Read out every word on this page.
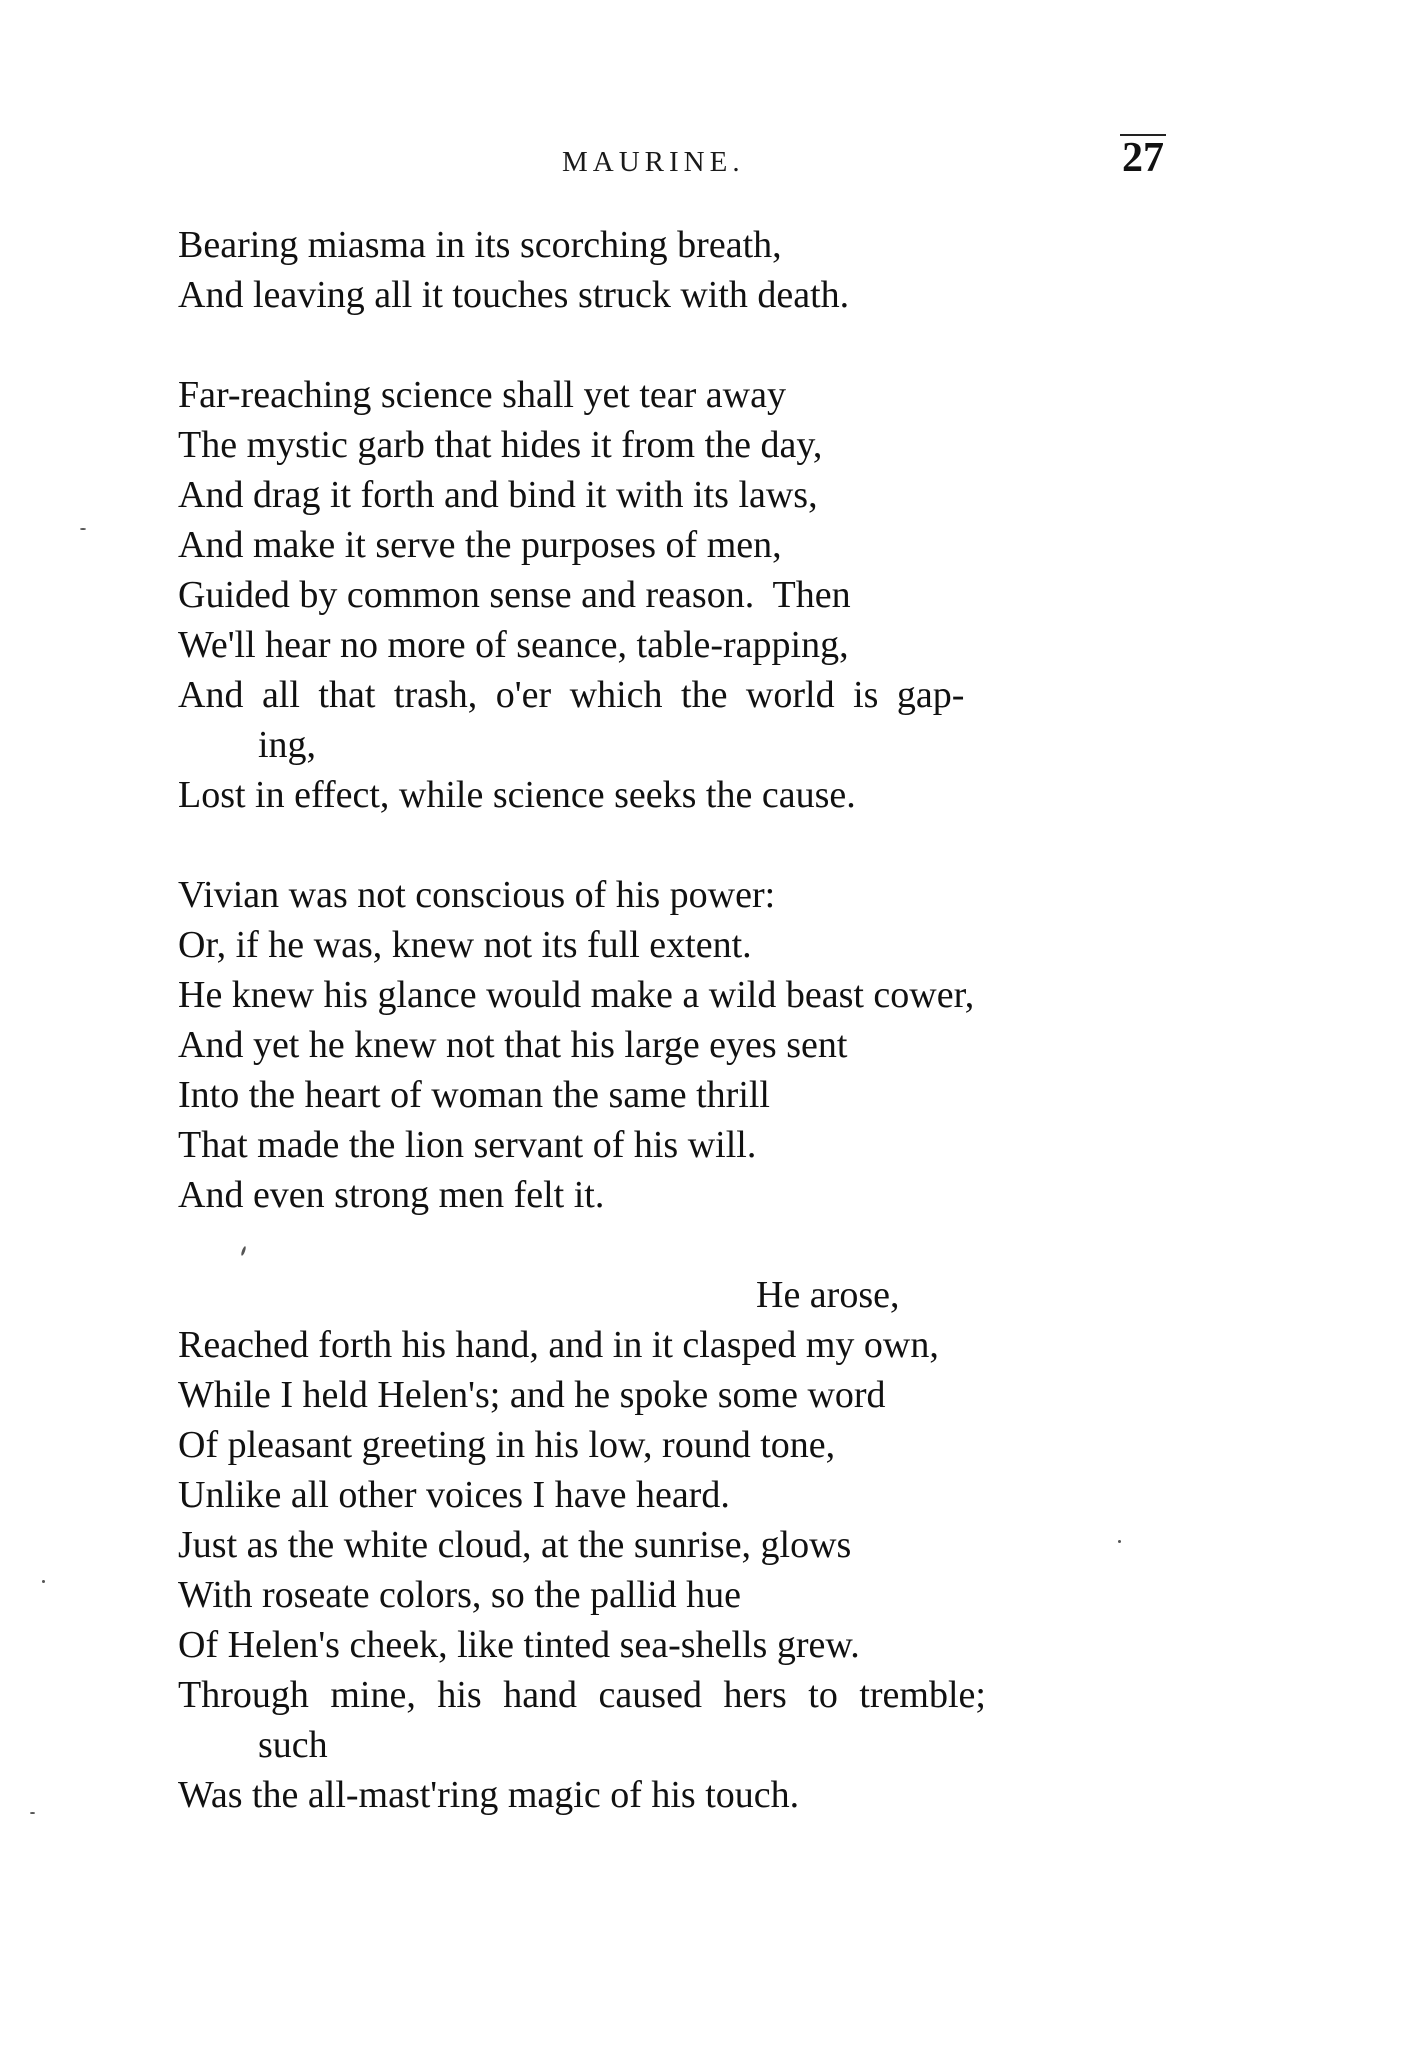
MAURINE.	27
Bearing miasma in its scorching breath,
And leaving all it touches struck with death.
Far-reaching science shall yet tear away
The mystic garb that hides it from the day,
And drag it forth and bind it with its laws,
And make it serve the purposes of men,
Guided by common sense and reason.  Then
We'll hear no more of seance, table-rapping,
And all that trash, o'er which the world is gap-
ing,
Lost in effect, while science seeks the cause.
Vivian was not conscious of his power:
Or, if he was, knew not its full extent.
He knew his glance would make a wild beast cower,
And yet he knew not that his large eyes sent
Into the heart of woman the same thrill
That made the lion servant of his will.
And even strong men felt it.
He arose,
Reached forth his hand, and in it clasped my own,
While I held Helen's; and he spoke some word
Of pleasant greeting in his low, round tone,
Unlike all other voices I have heard.
Just as the white cloud, at the sunrise, glows
With roseate colors, so the pallid hue
Of Helen's cheek, like tinted sea-shells grew.
Through mine, his hand caused hers to tremble;
such
Was the all-mast'ring magic of his touch.
